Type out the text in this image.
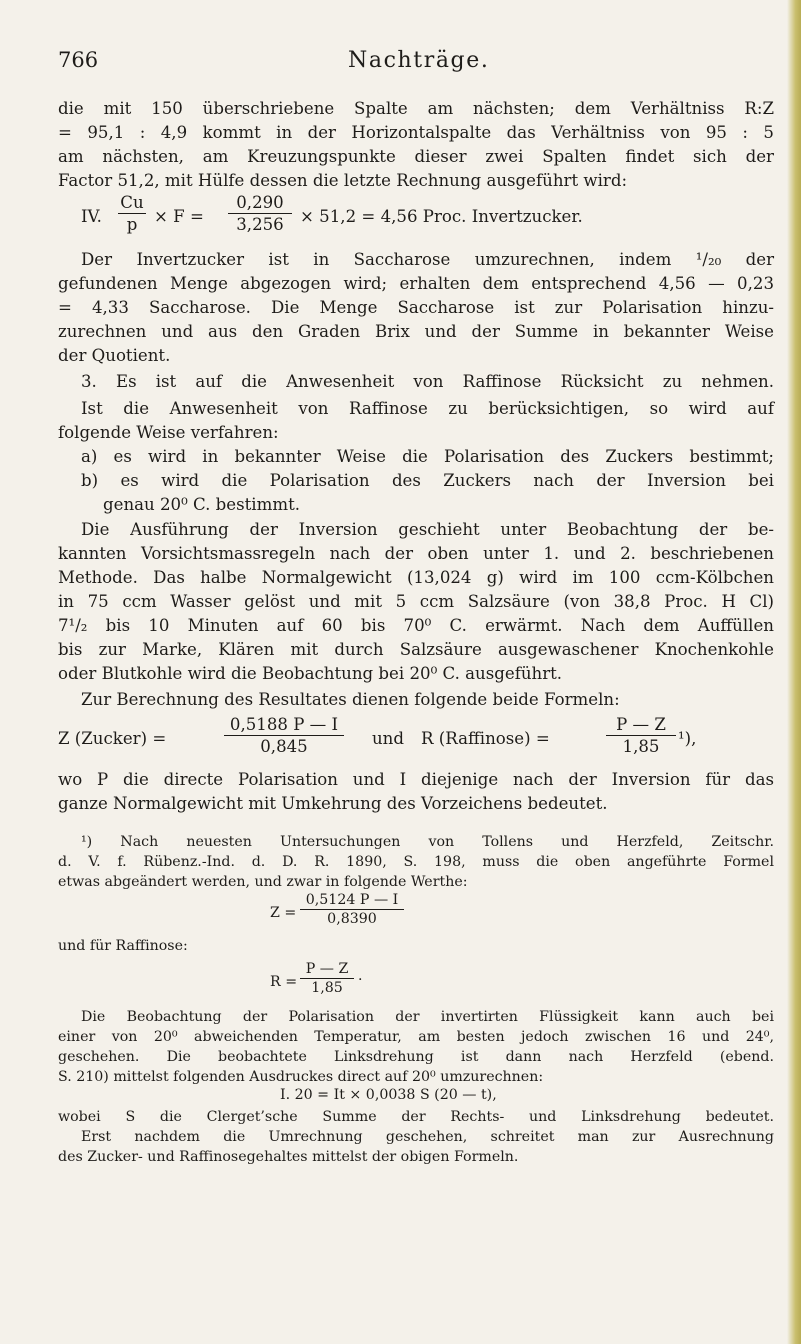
766	Nachträge.
die mit 150 überschriebene Spalte am nächsten; dem Verhältniss R:Z
= 95,1 : 4,9 kommt in der Horizontalspalte das Verhältniss von 95 : 5
am nächsten, am Kreuzungspunkte dieser zwei Spalten findet sich der
Factor 51,2, mit Hülfe dessen die letzte Rechnung ausgeführt wird:
IV. $\frac{Cu}{p} \times F = \frac{0,290}{3,256} \times 51,2 = 4,56$ Proc. Invertzucker.
Der Invertzucker ist in Saccharose umzurechnen, indem ¹/₂₀ der
gefundenen Menge abgezogen wird; erhalten dem entsprechend 4,56 — 0,23
= 4,33 Saccharose. Die Menge Saccharose ist zur Polarisation hinzu-
zurechnen und aus den Graden Brix und der Summe in bekannter Weise
der Quotient.
3. Es ist auf die Anwesenheit von Raffinose Rücksicht zu nehmen.
Ist die Anwesenheit von Raffinose zu berücksichtigen, so wird auf
folgende Weise verfahren:
a) es wird in bekannter Weise die Polarisation des Zuckers bestimmt;
b) es wird die Polarisation des Zuckers nach der Inversion bei
genau 20⁰ C. bestimmt.
Die Ausführung der Inversion geschieht unter Beobachtung der be-
kannten Vorsichtsmassregeln nach der oben unter 1. und 2. beschriebenen
Methode. Das halbe Normalgewicht (13,024 g) wird im 100 ccm-Kölbchen
in 75 ccm Wasser gelöst und mit 5 ccm Salzsäure (von 38,8 Proc. H Cl)
7¹/₂ bis 10 Minuten auf 60 bis 70⁰ C. erwärmt. Nach dem Auffüllen
bis zur Marke, Klären mit durch Salzsäure ausgewaschener Knochenkohle
oder Blutkohle wird die Beobachtung bei 20⁰ C. ausgeführt.
Zur Berechnung des Resultates dienen folgende beide Formeln:
Z (Zucker) =	$\frac{0,5188 P — I}{0,845}$ und R (Raffinose) =	$\frac{P — Z}{1,85} ^1$),
wo P die directe Polarisation und I diejenige nach der Inversion für das
ganze Normalgewicht mit Umkehrung des Vorzeichens bedeutet.
¹) Nach neuesten Untersuchungen von Tollens und Herzfeld, Zeitschr.
d. V. f. Rübenz.-Ind. d. D. R. 1890, S. 198, muss die oben angeführte Formel
etwas abgeändert werden, und zwar in folgende Werthe:
$Z = \frac{0,5124 P — I}{0,8390}$
und für Raffinose:
$R = \frac{P — Z}{1,85}$ ·
Die Beobachtung der Polarisation der invertirten Flüssigkeit kann auch bei
einer von 20⁰ abweichenden Temperatur, am besten jedoch zwischen 16 und 24⁰,
geschehen. Die beobachtete Linksdrehung ist dann nach Herzfeld (ebend.
S. 210) mittelst folgenden Ausdruckes direct auf 20⁰ umzurechnen:
I. 20 = It × 0,0038 S (20 — t),
wobei S die Clerget’sche Summe der Rechts- und Linksdrehung bedeutet.
Erst nachdem die Umrechnung geschehen, schreitet man zur Ausrechnung
des Zucker- und Raffinosegehaltes mittelst der obigen Formeln.
